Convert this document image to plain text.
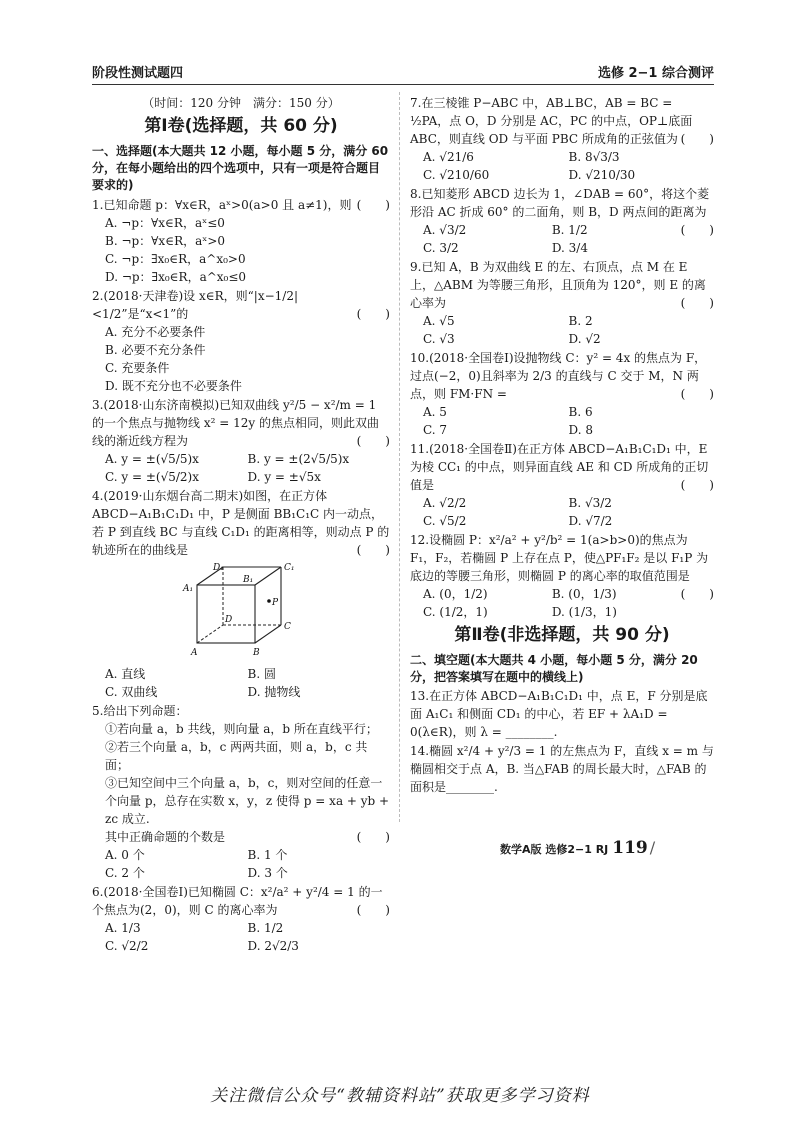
阶段性测试题四	选修 2−1 综合测评
（时间：120 分钟　满分：150 分）
第Ⅰ卷(选择题，共 60 分)
一、选择题(本大题共 12 小题，每小题 5 分，满分 60 分，在每小题给出的四个选项中，只有一项是符合题目要求的)

1.已知命题 p：∀x∈R，aˣ>0(a>0 且 a≠1)，则 (　　)

A. ¬p：∀x∈R，aˣ≤0
B. ¬p：∀x∈R，aˣ>0
C. ¬p：∃x₀∈R，a^x₀>0
D. ¬p：∃x₀∈R，a^x₀≤0

2.(2018·天津卷)设 x∈R，则“|x−1/2|<1/2”是“x<1”的	(　　)

A. 充分不必要条件
B. 必要不充分条件
C. 充要条件
D. 既不充分也不必要条件

3.(2018·山东济南模拟)已知双曲线 y²/5 − x²/m = 1 的一个焦点与抛物线 x² = 12y 的焦点相同，则此双曲线的渐近线方程为	(　　)

A. y = ±(√5/5)x	B. y = ±(2√5/5)x
C. y = ±(√5/2)x	D. y = ±√5x

4.(2019·山东烟台高二期末)如图，在正方体 ABCD−A₁B₁C₁D₁ 中，P 是侧面 BB₁C₁C 内一动点，若 P 到直线 BC 与直线 C₁D₁ 的距离相等，则动点 P 的轨迹所在的曲线是	(　　)

D₁	C₁
A₁
B₁
P
D
C
A	B
A. 直线	B. 圆
C. 双曲线	D. 抛物线

5.给出下列命题：

①若向量 a，b 共线，则向量 a，b 所在直线平行；
②若三个向量 a，b，c 两两共面，则 a，b，c 共面；
③已知空间中三个向量 a，b，c，则对空间的任意一个向量 p，总存在实数 x，y，z 使得 p = xa + yb + zc 成立.
其中正确命题的个数是	(　　)
A. 0 个	B. 1 个
C. 2 个	D. 3 个

6.(2018·全国卷Ⅰ)已知椭圆 C：x²/a² + y²/4 = 1 的一个焦点为(2，0)，则 C 的离心率为	(　　)

A. 1/3	B. 1/2
C. √2/2	D. 2√2/3

7.在三棱锥 P−ABC 中，AB⊥BC，AB = BC = ½PA，点 O，D 分别是 AC，PC 的中点，OP⊥底面 ABC，则直线 OD 与平面 PBC 所成角的正弦值为 (　　)

A. √21/6	B. 8√3/3
C. √210/60	D. √210/30

8.已知菱形 ABCD 边长为 1，∠DAB = 60°，将这个菱形沿 AC 折成 60° 的二面角，则 B，D 两点间的距离为
(　　)

A. √3/2	B. 1/2
C. 3/2	D. 3/4

9.已知 A，B 为双曲线 E 的左、右顶点，点 M 在 E 上，△ABM 为等腰三角形，且顶角为 120°，则 E 的离心率为	(　　)

A. √5	B. 2
C. √3	D. √2

10.(2018·全国卷Ⅰ)设抛物线 C：y² = 4x 的焦点为 F，过点(−2，0)且斜率为 2/3 的直线与 C 交于 M，N 两点，则 FM·FN =	(　　)

A. 5	B. 6
C. 7	D. 8

11.(2018·全国卷Ⅱ)在正方体 ABCD−A₁B₁C₁D₁ 中，E 为棱 CC₁ 的中点，则异面直线 AE 和 CD 所成角的正切值是	(　　)

A. √2/2	B. √3/2
C. √5/2	D. √7/2

12.设椭圆 P：x²/a² + y²/b² = 1(a>b>0)的焦点为 F₁，F₂，若椭圆 P 上存在点 P，使△PF₁F₂ 是以 F₁P 为底边的等腰三角形，则椭圆 P 的离心率的取值范围是
(　　)

A. (0，1/2)	B. (0，1/3)
C. (1/2，1)	D. (1/3，1)
第Ⅱ卷(非选择题，共 90 分)
二、填空题(本大题共 4 小题，每小题 5 分，满分 20 分，把答案填写在题中的横线上)

13.在正方体 ABCD−A₁B₁C₁D₁ 中，点 E，F 分别是底面 A₁C₁ 和侧面 CD₁ 的中心，若 EF + λA₁D = 0(λ∈R)，则 λ = ________.

14.椭圆 x²/4 + y²/3 = 1 的左焦点为 F，直线 x = m 与椭圆相交于点 A，B. 当△FAB 的周长最大时，△FAB 的面积是________.

数学A版 选修2−1 RJ 119 /
关注微信公众号“教辅资料站”获取更多学习资料
